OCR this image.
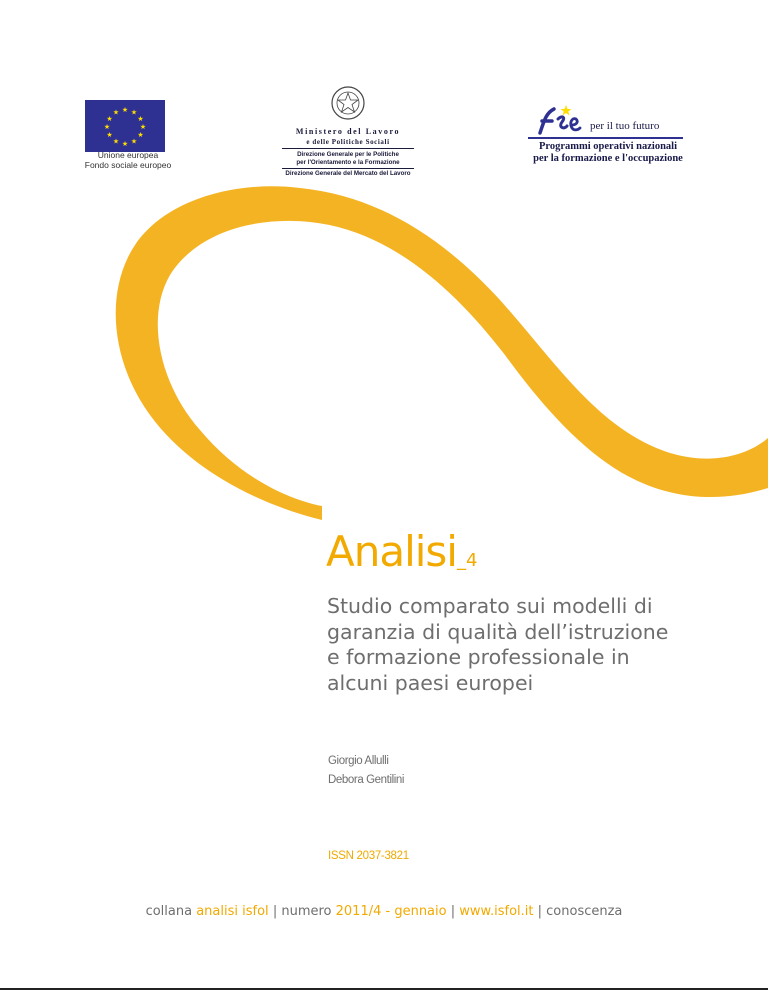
★ ★
★
★
★
★
★
★
★
★
★
★
Unione europea
Fondo sociale europeo
Ministero del Lavoro
e delle Politiche Sociali
Direzione Generale per le Politiche
per l'Orientamento e la Formazione
Direzione Generale del Mercato del Lavoro
per il tuo futuro
Programmi operativi nazionali
per la formazione e l'occupazione
Analisi_4
Studio comparato sui modelli di garanzia di qualità dell’istruzione e formazione professionale in alcuni paesi europei
Giorgio Allulli
Debora Gentilini
ISSN 2037-3821
collana analisi isfol | numero 2011/4 - gennaio | www.isfol.it | conoscenza
